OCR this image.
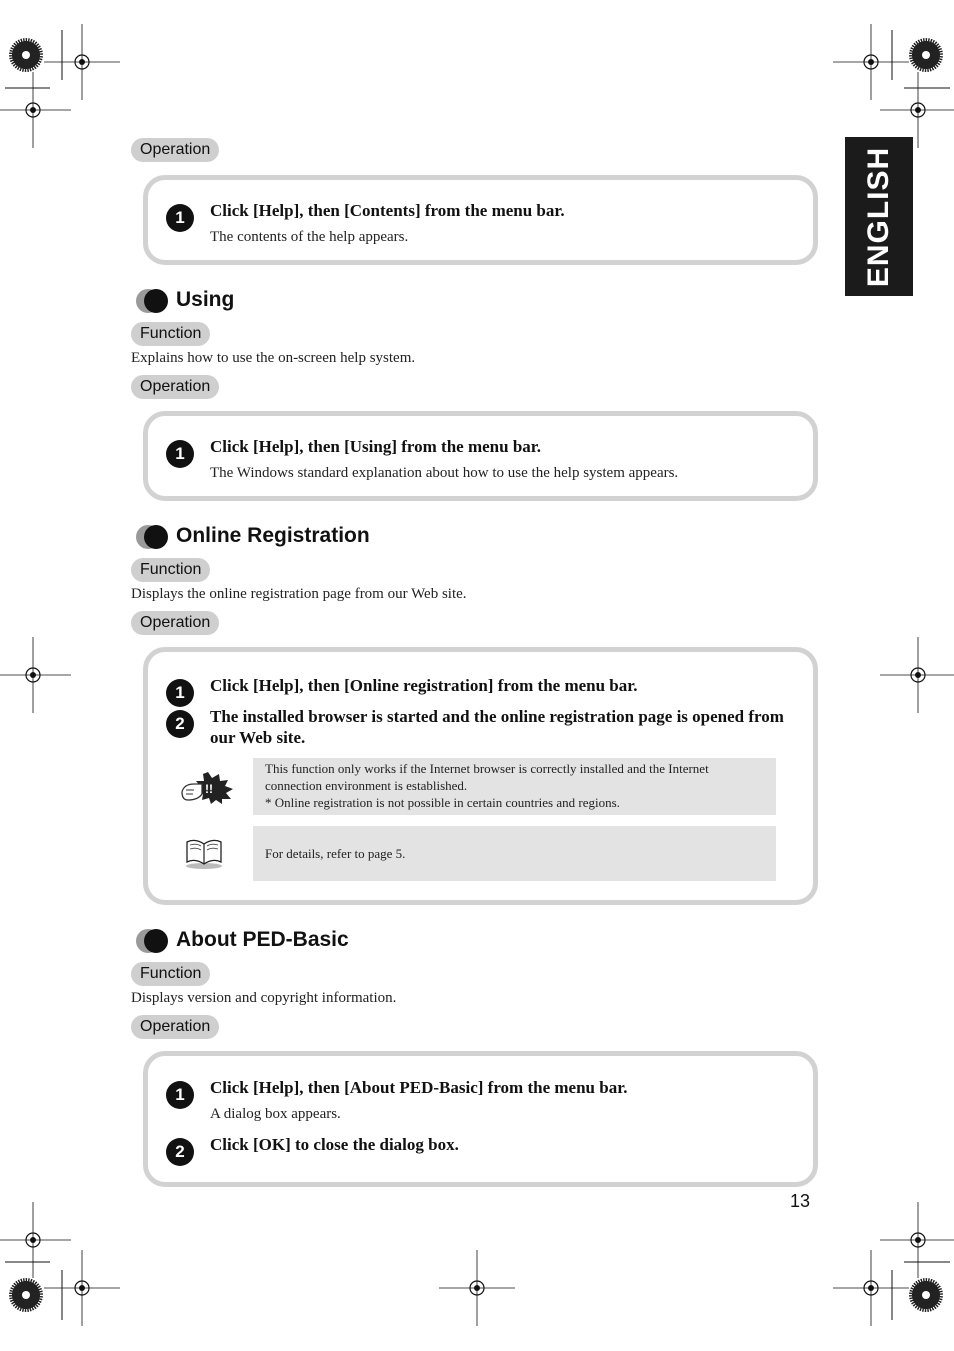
ENGLISH
Operation
1	Click [Help], then [Contents] from the menu bar.
The contents of the help appears.
Using
Function
Explains how to use the on-screen help system.
Operation
1	Click [Help], then [Using] from the menu bar.
The Windows standard explanation about how to use the help system appears.
Online Registration
Function
Displays the online registration page from our Web site.
Operation
1	Click [Help], then [Online registration] from the menu bar.
2	The installed browser is started and the online registration page is opened from our Web site.
!!
This function only works if the Internet browser is correctly installed and the Internet connection environment is established.
* Online registration is not possible in certain countries and regions.
For details, refer to page 5.
About PED-Basic
Function
Displays version and copyright information.
Operation
1	Click [Help], then [About PED-Basic] from the menu bar.
A dialog box appears.
2	Click [OK] to close the dialog box.
13
